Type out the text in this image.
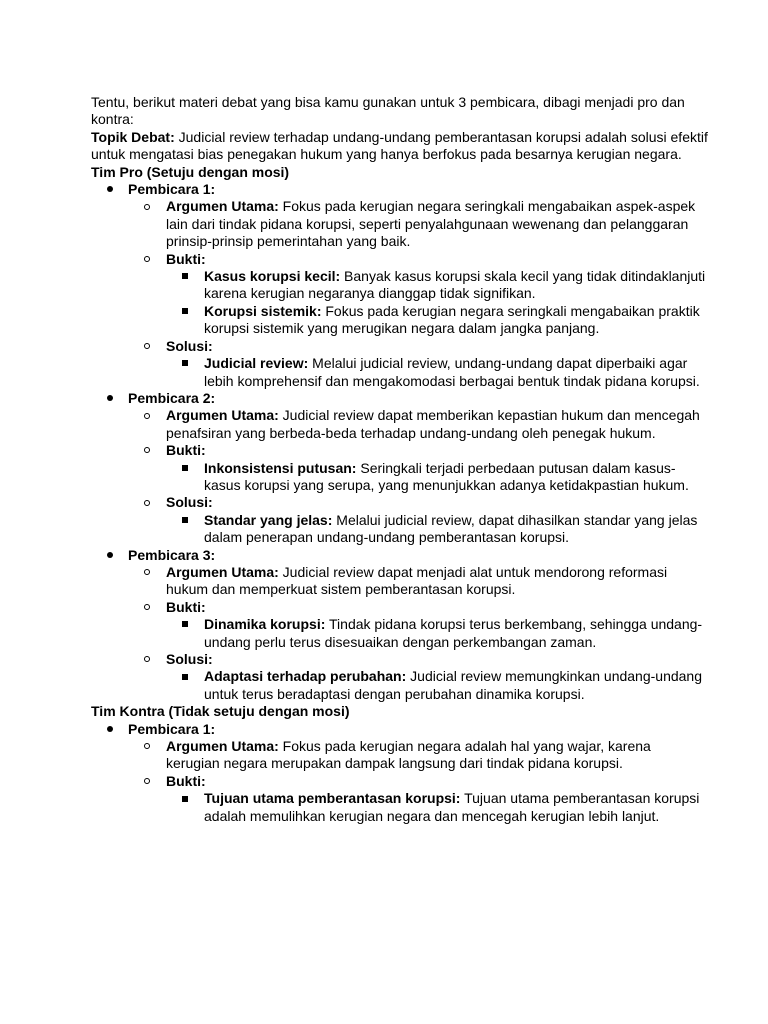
Tentu, berikut materi debat yang bisa kamu gunakan untuk 3 pembicara, dibagi menjadi pro dan kontra:

Topik Debat: Judicial review terhadap undang-undang pemberantasan korupsi adalah solusi efektif untuk mengatasi bias penegakan hukum yang hanya berfokus pada besarnya kerugian negara.

Tim Pro (Setuju dengan mosi)

Pembicara 1:
Argumen Utama: Fokus pada kerugian negara seringkali mengabaikan aspek-aspek lain dari tindak pidana korupsi, seperti penyalahgunaan wewenang dan pelanggaran prinsip-prinsip pemerintahan yang baik.
Bukti:
Kasus korupsi kecil: Banyak kasus korupsi skala kecil yang tidak ditindaklanjuti karena kerugian negaranya dianggap tidak signifikan.
Korupsi sistemik: Fokus pada kerugian negara seringkali mengabaikan praktik korupsi sistemik yang merugikan negara dalam jangka panjang.
Solusi:
Judicial review: Melalui judicial review, undang-undang dapat diperbaiki agar lebih komprehensif dan mengakomodasi berbagai bentuk tindak pidana korupsi.
Pembicara 2:
Argumen Utama: Judicial review dapat memberikan kepastian hukum dan mencegah penafsiran yang berbeda-beda terhadap undang-undang oleh penegak hukum.
Bukti:
Inkonsistensi putusan: Seringkali terjadi perbedaan putusan dalam kasus-kasus korupsi yang serupa, yang menunjukkan adanya ketidakpastian hukum.
Solusi:
Standar yang jelas: Melalui judicial review, dapat dihasilkan standar yang jelas dalam penerapan undang-undang pemberantasan korupsi.
Pembicara 3:
Argumen Utama: Judicial review dapat menjadi alat untuk mendorong reformasi hukum dan memperkuat sistem pemberantasan korupsi.
Bukti:
Dinamika korupsi: Tindak pidana korupsi terus berkembang, sehingga undang-undang perlu terus disesuaikan dengan perkembangan zaman.
Solusi:
Adaptasi terhadap perubahan: Judicial review memungkinkan undang-undang untuk terus beradaptasi dengan perubahan dinamika korupsi.

Tim Kontra (Tidak setuju dengan mosi)

Pembicara 1:
Argumen Utama: Fokus pada kerugian negara adalah hal yang wajar, karena kerugian negara merupakan dampak langsung dari tindak pidana korupsi.
Bukti:
Tujuan utama pemberantasan korupsi: Tujuan utama pemberantasan korupsi adalah memulihkan kerugian negara dan mencegah kerugian lebih lanjut.
